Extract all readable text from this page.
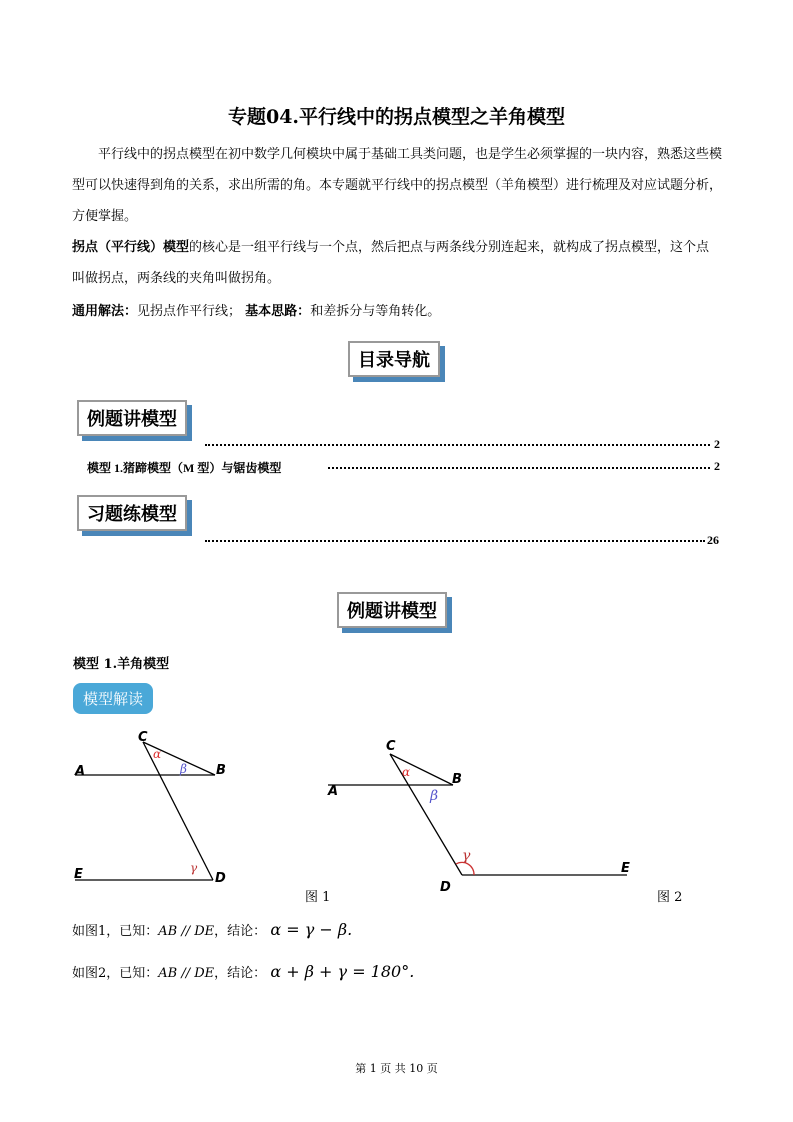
专题04.平行线中的拐点模型之羊角模型
平行线中的拐点模型在初中数学几何模块中属于基础工具类问题，也是学生必须掌握的一块内容，熟悉这些模型可以快速得到角的关系，求出所需的角。本专题就平行线中的拐点模型（羊角模型）进行梳理及对应试题分析，方便掌握。
拐点（平行线）模型的核心是一组平行线与一个点，然后把点与两条线分别连起来，就构成了拐点模型，这个点叫做拐点，两条线的夹角叫做拐角。
通用解法：见拐点作平行线； 基本思路：和差拆分与等角转化。
目录导航
例题讲模型
2
模型 1.猪蹄模型（M 型）与锯齿模型	2
习题练模型
26
例题讲模型
模型 1.羊角模型
模型解读
C
B
A
D
E
C
B
A
D
E
α
β
γ
α
β
γ
图 1	图 2
如图1，已知：AB // DE，结论： α = γ − β.
如图2，已知：AB // DE，结论： α + β + γ = 180°.
第 1 页 共 10 页
